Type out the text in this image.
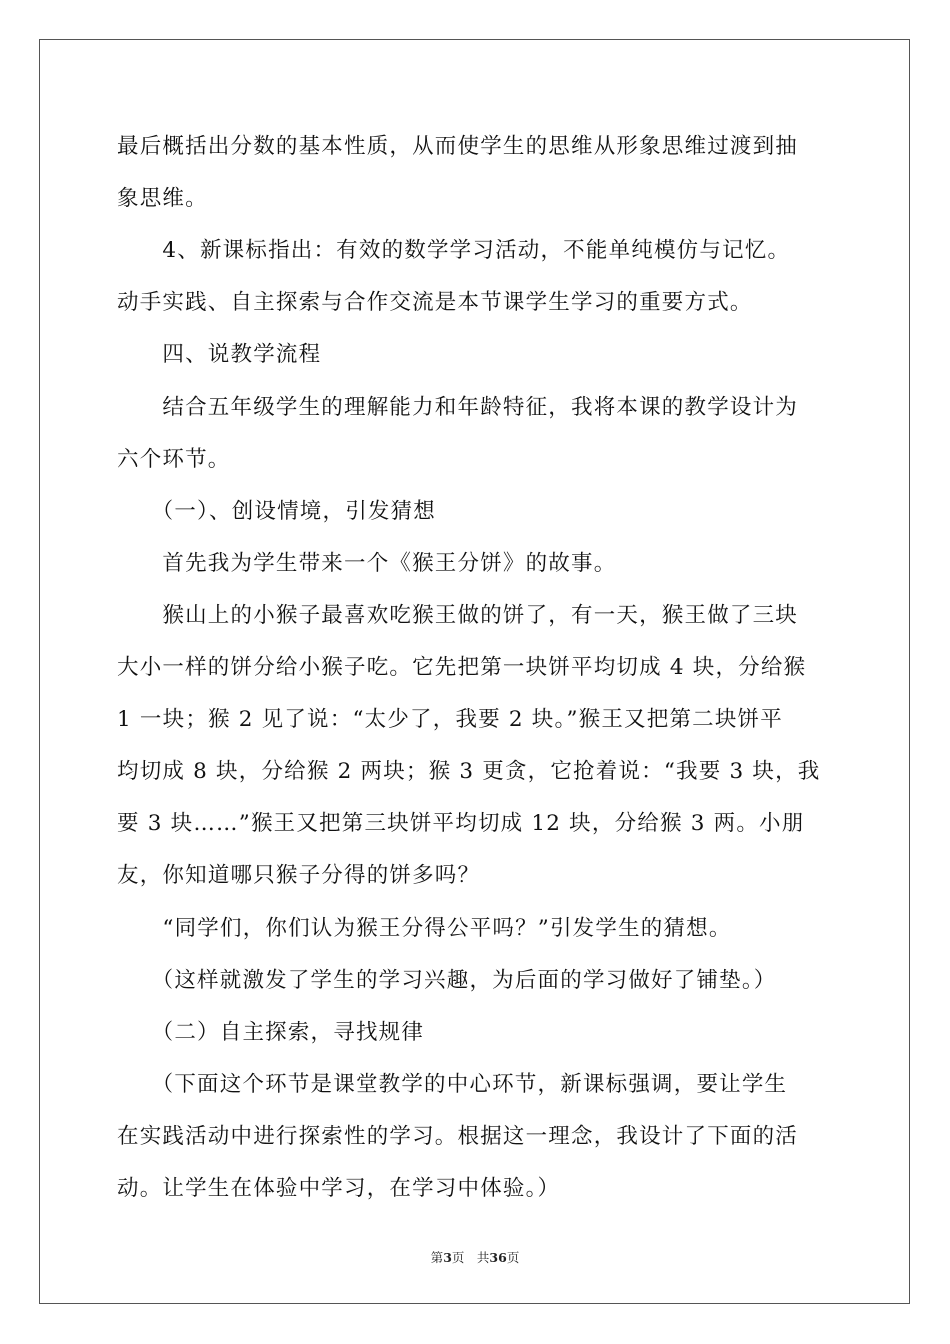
最后概括出分数的基本性质，从而使学生的思维从形象思维过渡到抽
象思维。
　　4、新课标指出：有效的数学学习活动，不能单纯模仿与记忆。
动手实践、自主探索与合作交流是本节课学生学习的重要方式。
　　四、说教学流程
　　结合五年级学生的理解能力和年龄特征，我将本课的教学设计为
六个环节。
　　（一）、创设情境，引发猜想
　　首先我为学生带来一个《猴王分饼》的故事。
　　猴山上的小猴子最喜欢吃猴王做的饼了，有一天，猴王做了三块
大小一样的饼分给小猴子吃。它先把第一块饼平均切成 4 块，分给猴
1 一块；猴 2 见了说：“太少了，我要 2 块。”猴王又把第二块饼平
均切成 8 块，分给猴 2 两块；猴 3 更贪，它抢着说：“我要 3 块，我
要 3 块……”猴王又把第三块饼平均切成 12 块，分给猴 3 两。小朋
友，你知道哪只猴子分得的饼多吗？
　　“同学们，你们认为猴王分得公平吗？”引发学生的猜想。
　　（这样就激发了学生的学习兴趣，为后面的学习做好了铺垫。）
　　（二）自主探索，寻找规律
　　（下面这个环节是课堂教学的中心环节，新课标强调，要让学生
在实践活动中进行探索性的学习。根据这一理念，我设计了下面的活
动。让学生在体验中学习，在学习中体验。）
第3页　共36页
